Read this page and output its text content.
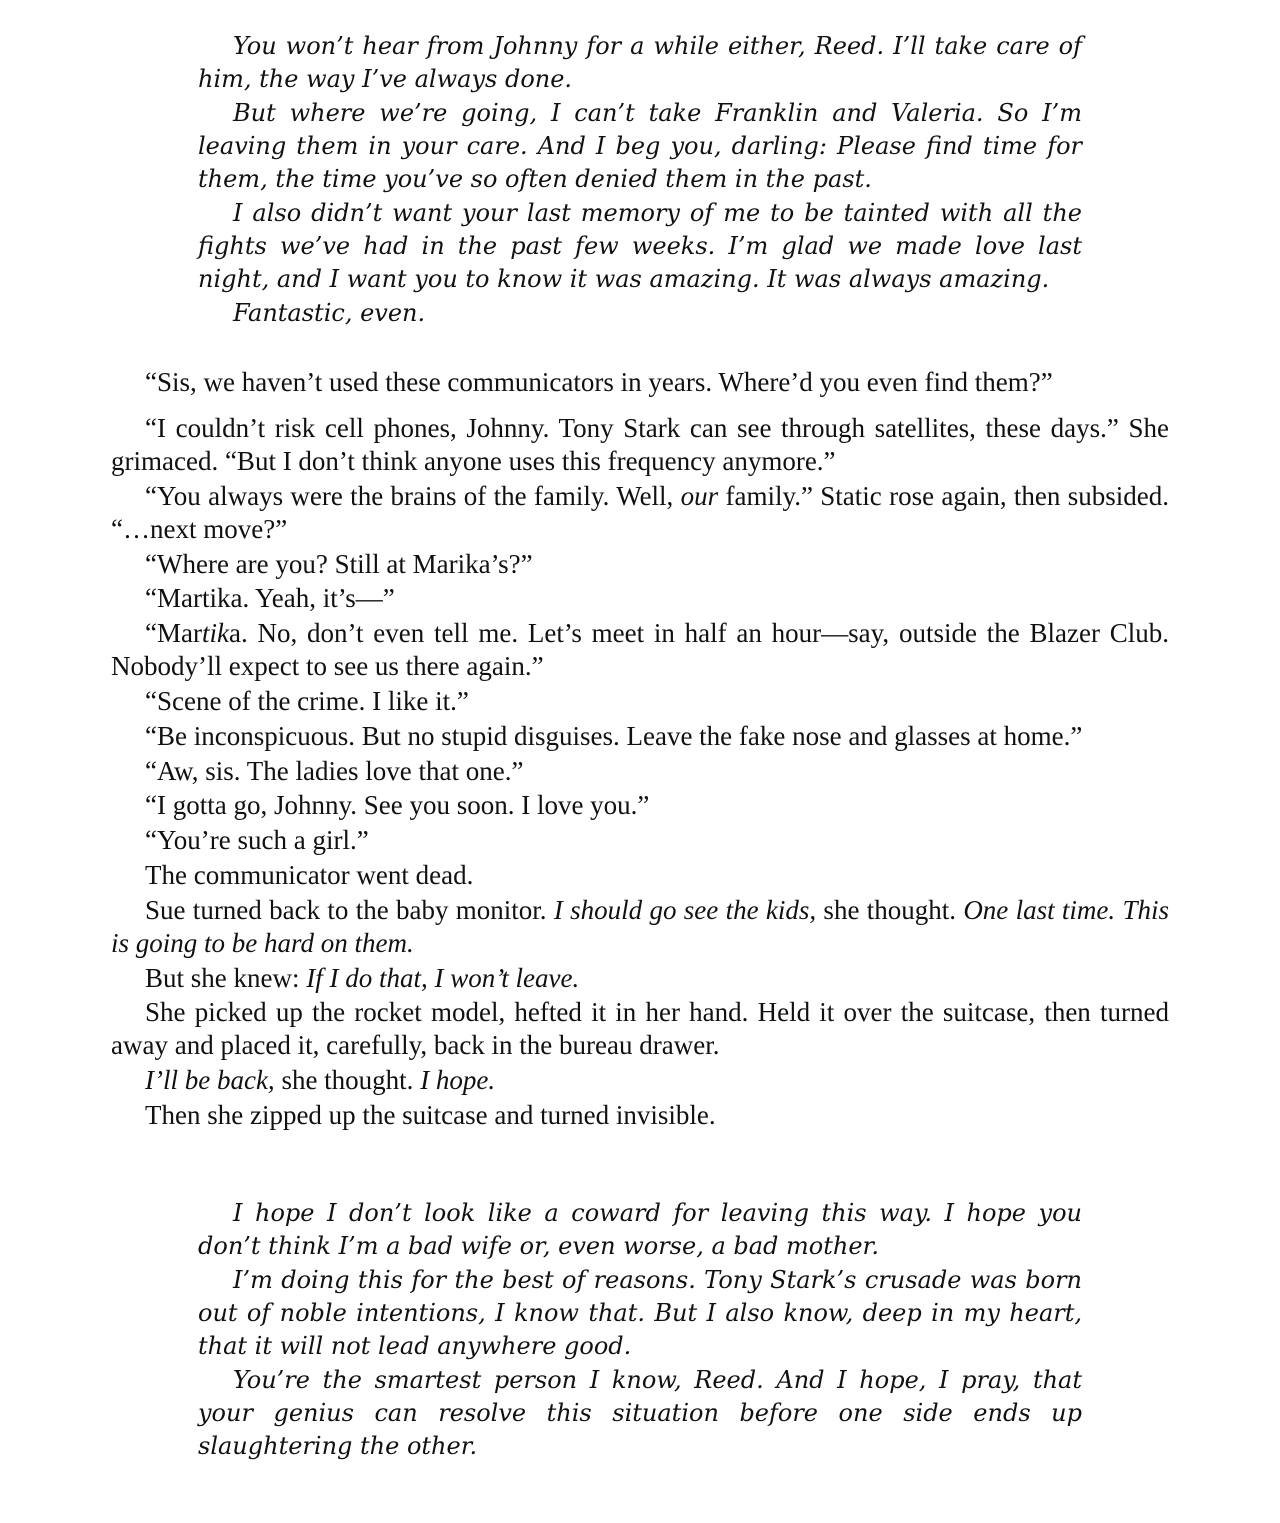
You won’t hear from Johnny for a while either, Reed. I’ll take care of him, the way I’ve always done.

But where we’re going, I can’t take Franklin and Valeria. So I’m leaving them in your care. And I beg you, darling: Please find time for them, the time you’ve so often denied them in the past.

I also didn’t want your last memory of me to be tainted with all the fights we’ve had in the past few weeks. I’m glad we made love last night, and I want you to know it was amazing. It was always amazing.

Fantastic, even.

“Sis, we haven’t used these communicators in years. Where’d you even find them?”

“I couldn’t risk cell phones, Johnny. Tony Stark can see through satellites, these days.” She grimaced. “But I don’t think anyone uses this frequency anymore.”

“You always were the brains of the family. Well, our family.” Static rose again, then subsided. “…next move?”

“Where are you? Still at Marika’s?”

“Martika. Yeah, it’s—”

“Martika. No, don’t even tell me. Let’s meet in half an hour—say, outside the Blazer Club. Nobody’ll expect to see us there again.”

“Scene of the crime. I like it.”

“Be inconspicuous. But no stupid disguises. Leave the fake nose and glasses at home.”

“Aw, sis. The ladies love that one.”

“I gotta go, Johnny. See you soon. I love you.”

“You’re such a girl.”

The communicator went dead.

Sue turned back to the baby monitor. I should go see the kids, she thought. One last time. This is going to be hard on them.

But she knew: If I do that, I won’t leave.

She picked up the rocket model, hefted it in her hand. Held it over the suitcase, then turned away and placed it, carefully, back in the bureau drawer.

I’ll be back, she thought. I hope.

Then she zipped up the suitcase and turned invisible.

I hope I don’t look like a coward for leaving this way. I hope you don’t think I’m a bad wife or, even worse, a bad mother.

I’m doing this for the best of reasons. Tony Stark’s crusade was born out of noble intentions, I know that. But I also know, deep in my heart, that it will not lead anywhere good.

You’re the smartest person I know, Reed. And I hope, I pray, that your genius can resolve this situation before one side ends up slaughtering the other.
